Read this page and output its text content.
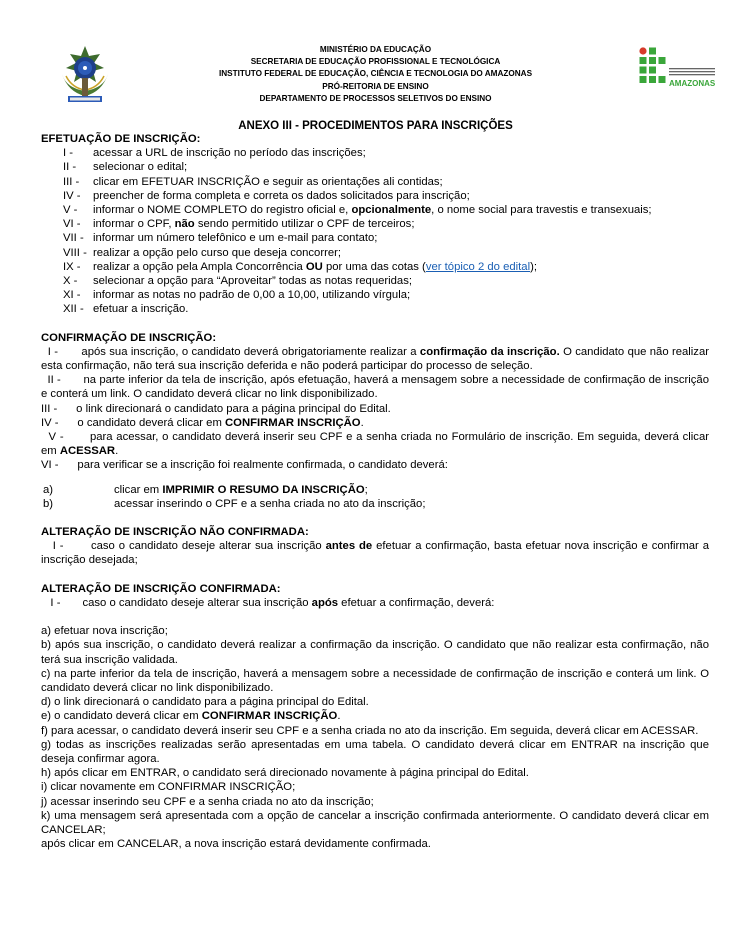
MINISTÉRIO DA EDUCAÇÃO
SECRETARIA DE EDUCAÇÃO PROFISSIONAL E TECNOLÓGICA
INSTITUTO FEDERAL DE EDUCAÇÃO, CIÊNCIA E TECNOLOGIA DO AMAZONAS
PRÓ-REITORIA DE ENSINO
DEPARTAMENTO DE PROCESSOS SELETIVOS DO ENSINO
AMAZONAS
ANEXO III - PROCEDIMENTOS PARA INSCRIÇÕES
EFETUAÇÃO DE INSCRIÇÃO:
I -	acessar a URL de inscrição no período das inscrições;
II -	selecionar o edital;
III -	clicar em EFETUAR INSCRIÇÃO e seguir as orientações ali contidas;
IV -	preencher de forma completa e correta os dados solicitados para inscrição;
V -	informar o NOME COMPLETO do registro oficial e, opcionalmente, o nome social para travestis e transexuais;
VI -	informar o CPF, não sendo permitido utilizar o CPF de terceiros;
VII - informar um número telefônico e um e-mail para contato;
VIII - realizar a opção pelo curso que deseja concorrer;
IX -	realizar a opção pela Ampla Concorrência OU por uma das cotas (ver tópico 2 do edital);
X -	selecionar a opção para “Aproveitar” todas as notas requeridas;
XI -	informar as notas no padrão de 0,00 a 10,00, utilizando vírgula;
XII - efetuar a inscrição.
CONFIRMAÇÃO DE INSCRIÇÃO:

I - após sua inscrição, o candidato deverá obrigatoriamente realizar a confirmação da inscrição. O candidato que não realizar esta confirmação, não terá sua inscrição deferida e não poderá participar do processo de seleção.

II - na parte inferior da tela de inscrição, após efetuação, haverá a mensagem sobre a necessidade de confirmação de inscrição e conterá um link. O candidato deverá clicar no link disponibilizado.

III - o link direcionará o candidato para a página principal do Edital.

IV - o candidato deverá clicar em CONFIRMAR INSCRIÇÃO.

V - para acessar, o candidato deverá inserir seu CPF e a senha criada no Formulário de inscrição. Em seguida, deverá clicar em ACESSAR.

VI - para verificar se a inscrição foi realmente confirmada, o candidato deverá:

a)	clicar em IMPRIMIR O RESUMO DA INSCRIÇÃO;
b)	acessar inserindo o CPF e a senha criada no ato da inscrição;
ALTERAÇÃO DE INSCRIÇÃO NÃO CONFIRMADA:

I - caso o candidato deseje alterar sua inscrição antes de efetuar a confirmação, basta efetuar nova inscrição e confirmar a inscrição desejada;

ALTERAÇÃO DE INSCRIÇÃO CONFIRMADA:

I - caso o candidato deseje alterar sua inscrição após efetuar a confirmação, deverá:

a) efetuar nova inscrição;

b) após sua inscrição, o candidato deverá realizar a confirmação da inscrição. O candidato que não realizar esta confirmação, não terá sua inscrição validada.

c) na parte inferior da tela de inscrição, haverá a mensagem sobre a necessidade de confirmação de inscrição e conterá um link. O candidato deverá clicar no link disponibilizado.

d) o link direcionará o candidato para a página principal do Edital.

e) o candidato deverá clicar em CONFIRMAR INSCRIÇÃO.

f) para acessar, o candidato deverá inserir seu CPF e a senha criada no ato da inscrição. Em seguida, deverá clicar em ACESSAR.

g) todas as inscrições realizadas serão apresentadas em uma tabela. O candidato deverá clicar em ENTRAR na inscrição que deseja confirmar agora.

h) após clicar em ENTRAR, o candidato será direcionado novamente à página principal do Edital.

i) clicar novamente em CONFIRMAR INSCRIÇÃO;

j) acessar inserindo seu CPF e a senha criada no ato da inscrição;

k) uma mensagem será apresentada com a opção de cancelar a inscrição confirmada anteriormente. O candidato deverá clicar em CANCELAR;

após clicar em CANCELAR, a nova inscrição estará devidamente confirmada.
